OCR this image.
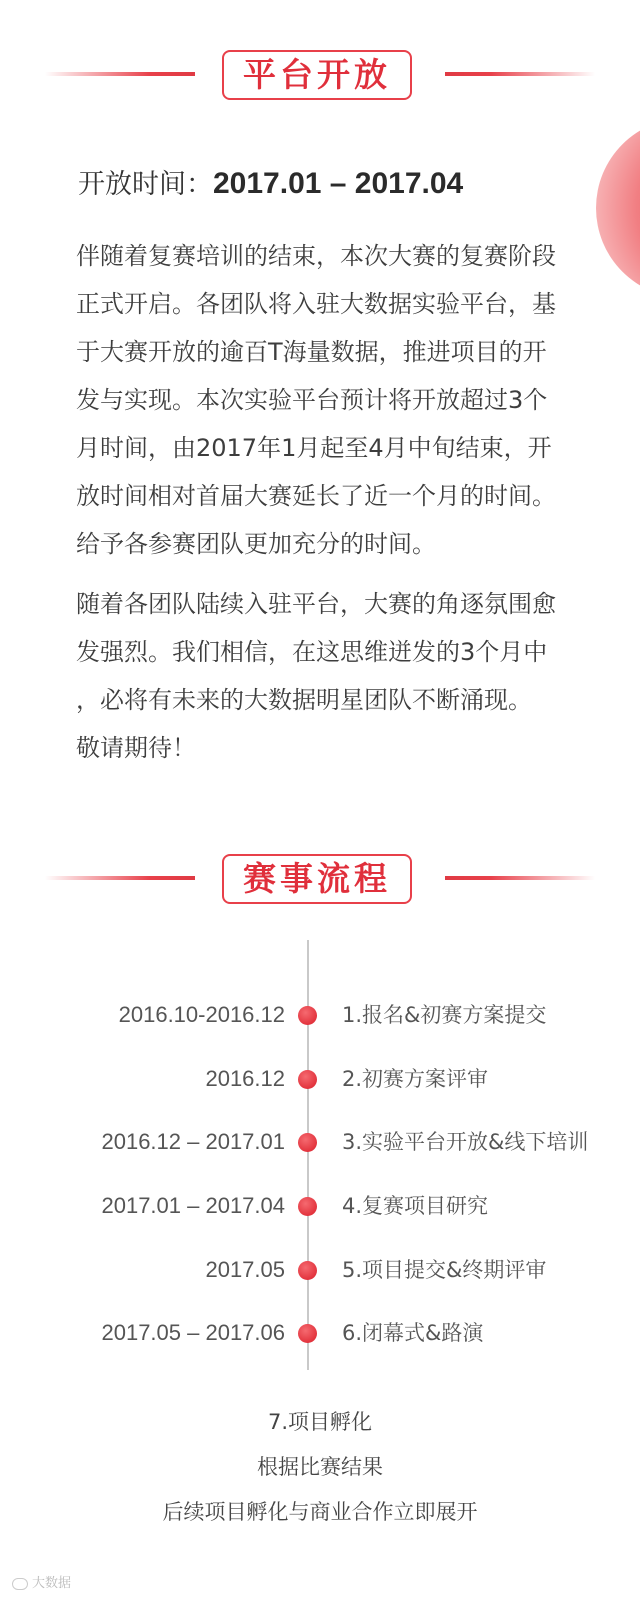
平台开放
开放时间：2017.01 – 2017.04
伴随着复赛培训的结束，本次大赛的复赛阶段
正式开启。各团队将入驻大数据实验平台，基
于大赛开放的逾百T海量数据，推进项目的开
发与实现。本次实验平台预计将开放超过3个
月时间，由2017年1月起至4月中旬结束，开
放时间相对首届大赛延长了近一个月的时间。
给予各参赛团队更加充分的时间。
随着各团队陆续入驻平台，大赛的角逐氛围愈
发强烈。我们相信，在这思维迸发的3个月中
，必将有未来的大数据明星团队不断涌现。
敬请期待！
赛事流程
2016.10-2016.12	1.报名&初赛方案提交
2016.12	2.初赛方案评审
2016.12 – 2017.01	3.实验平台开放&线下培训
2017.01 – 2017.04	4.复赛项目研究
2017.05	5.项目提交&终期评审
2017.05 – 2017.06	6.闭幕式&路演
7.项目孵化
根据比赛结果
后续项目孵化与商业合作立即展开
大数据
